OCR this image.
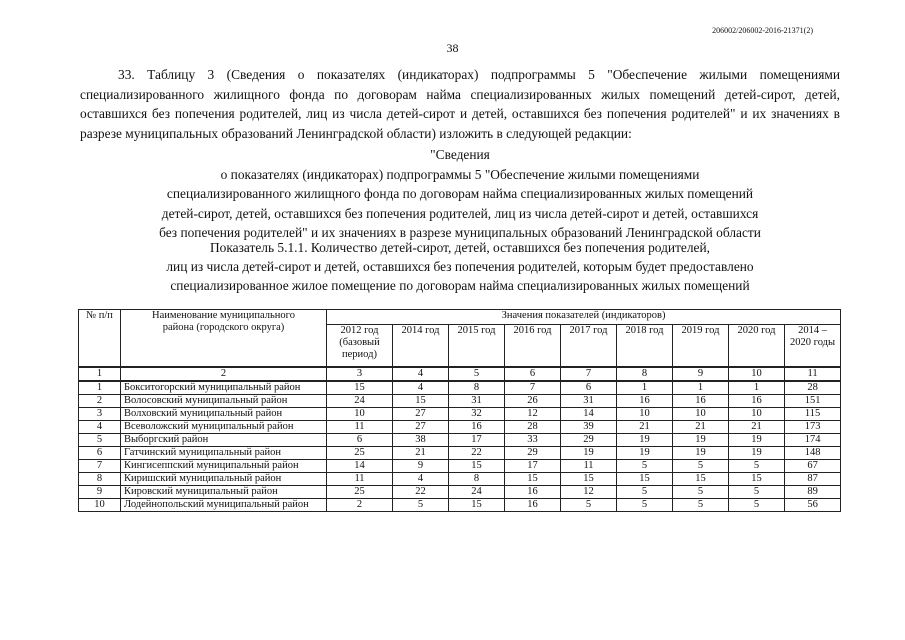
206002/206002-2016-21371(2)
38
33. Таблицу 3 (Сведения о показателях (индикаторах) подпрограммы 5 "Обеспечение жилыми помещениями специализированного жилищного фонда по договорам найма специализированных жилых помещений детей-сирот, детей, оставшихся без попечения родителей, лиц из числа детей-сирот и детей, оставшихся без попечения родителей" и их значениях в разрезе муниципальных образований Ленинградской области) изложить в следующей редакции:
"Сведения
о показателях (индикаторах) подпрограммы 5 "Обеспечение жилыми помещениями
специализированного жилищного фонда по договорам найма специализированных жилых помещений
детей-сирот, детей, оставшихся без попечения родителей, лиц из числа детей-сирот и детей, оставшихся
без попечения родителей" и их значениях в разрезе муниципальных образований Ленинградской области
Показатель 5.1.1. Количество детей-сирот, детей, оставшихся без попечения родителей,
лиц из числа детей-сирот и детей, оставшихся без попечения родителей, которым будет предоставлено
специализированное жилое помещение по договорам найма специализированных жилых помещений
№ п/п	Наименование муниципального района (городского округа)	Значения показателей (индикаторов)								
		2012 год (базовый период)	2014 год	2015 год	2016 год	2017 год	2018 год	2019 год	2020 год	2014 – 2020 годы
1	2	3	4	5	6	7	8	9	10	11
1	Бокситогорский муниципальный район	15	4	8	7	6	1	1	1	28
2	Волосовский муниципальный район	24	15	31	26	31	16	16	16	151
3	Волховский муниципальный район	10	27	32	12	14	10	10	10	115
4	Всеволожский муниципальный район	11	27	16	28	39	21	21	21	173
5	Выборгский район	6	38	17	33	29	19	19	19	174
6	Гатчинский муниципальный район	25	21	22	29	19	19	19	19	148
7	Кингисеппский муниципальный район	14	9	15	17	11	5	5	5	67
8	Киришский муниципальный район	11	4	8	15	15	15	15	15	87
9	Кировский муниципальный район	25	22	24	16	12	5	5	5	89
10	Лодейнопольский муниципальный район	2	5	15	16	5	5	5	5	56
